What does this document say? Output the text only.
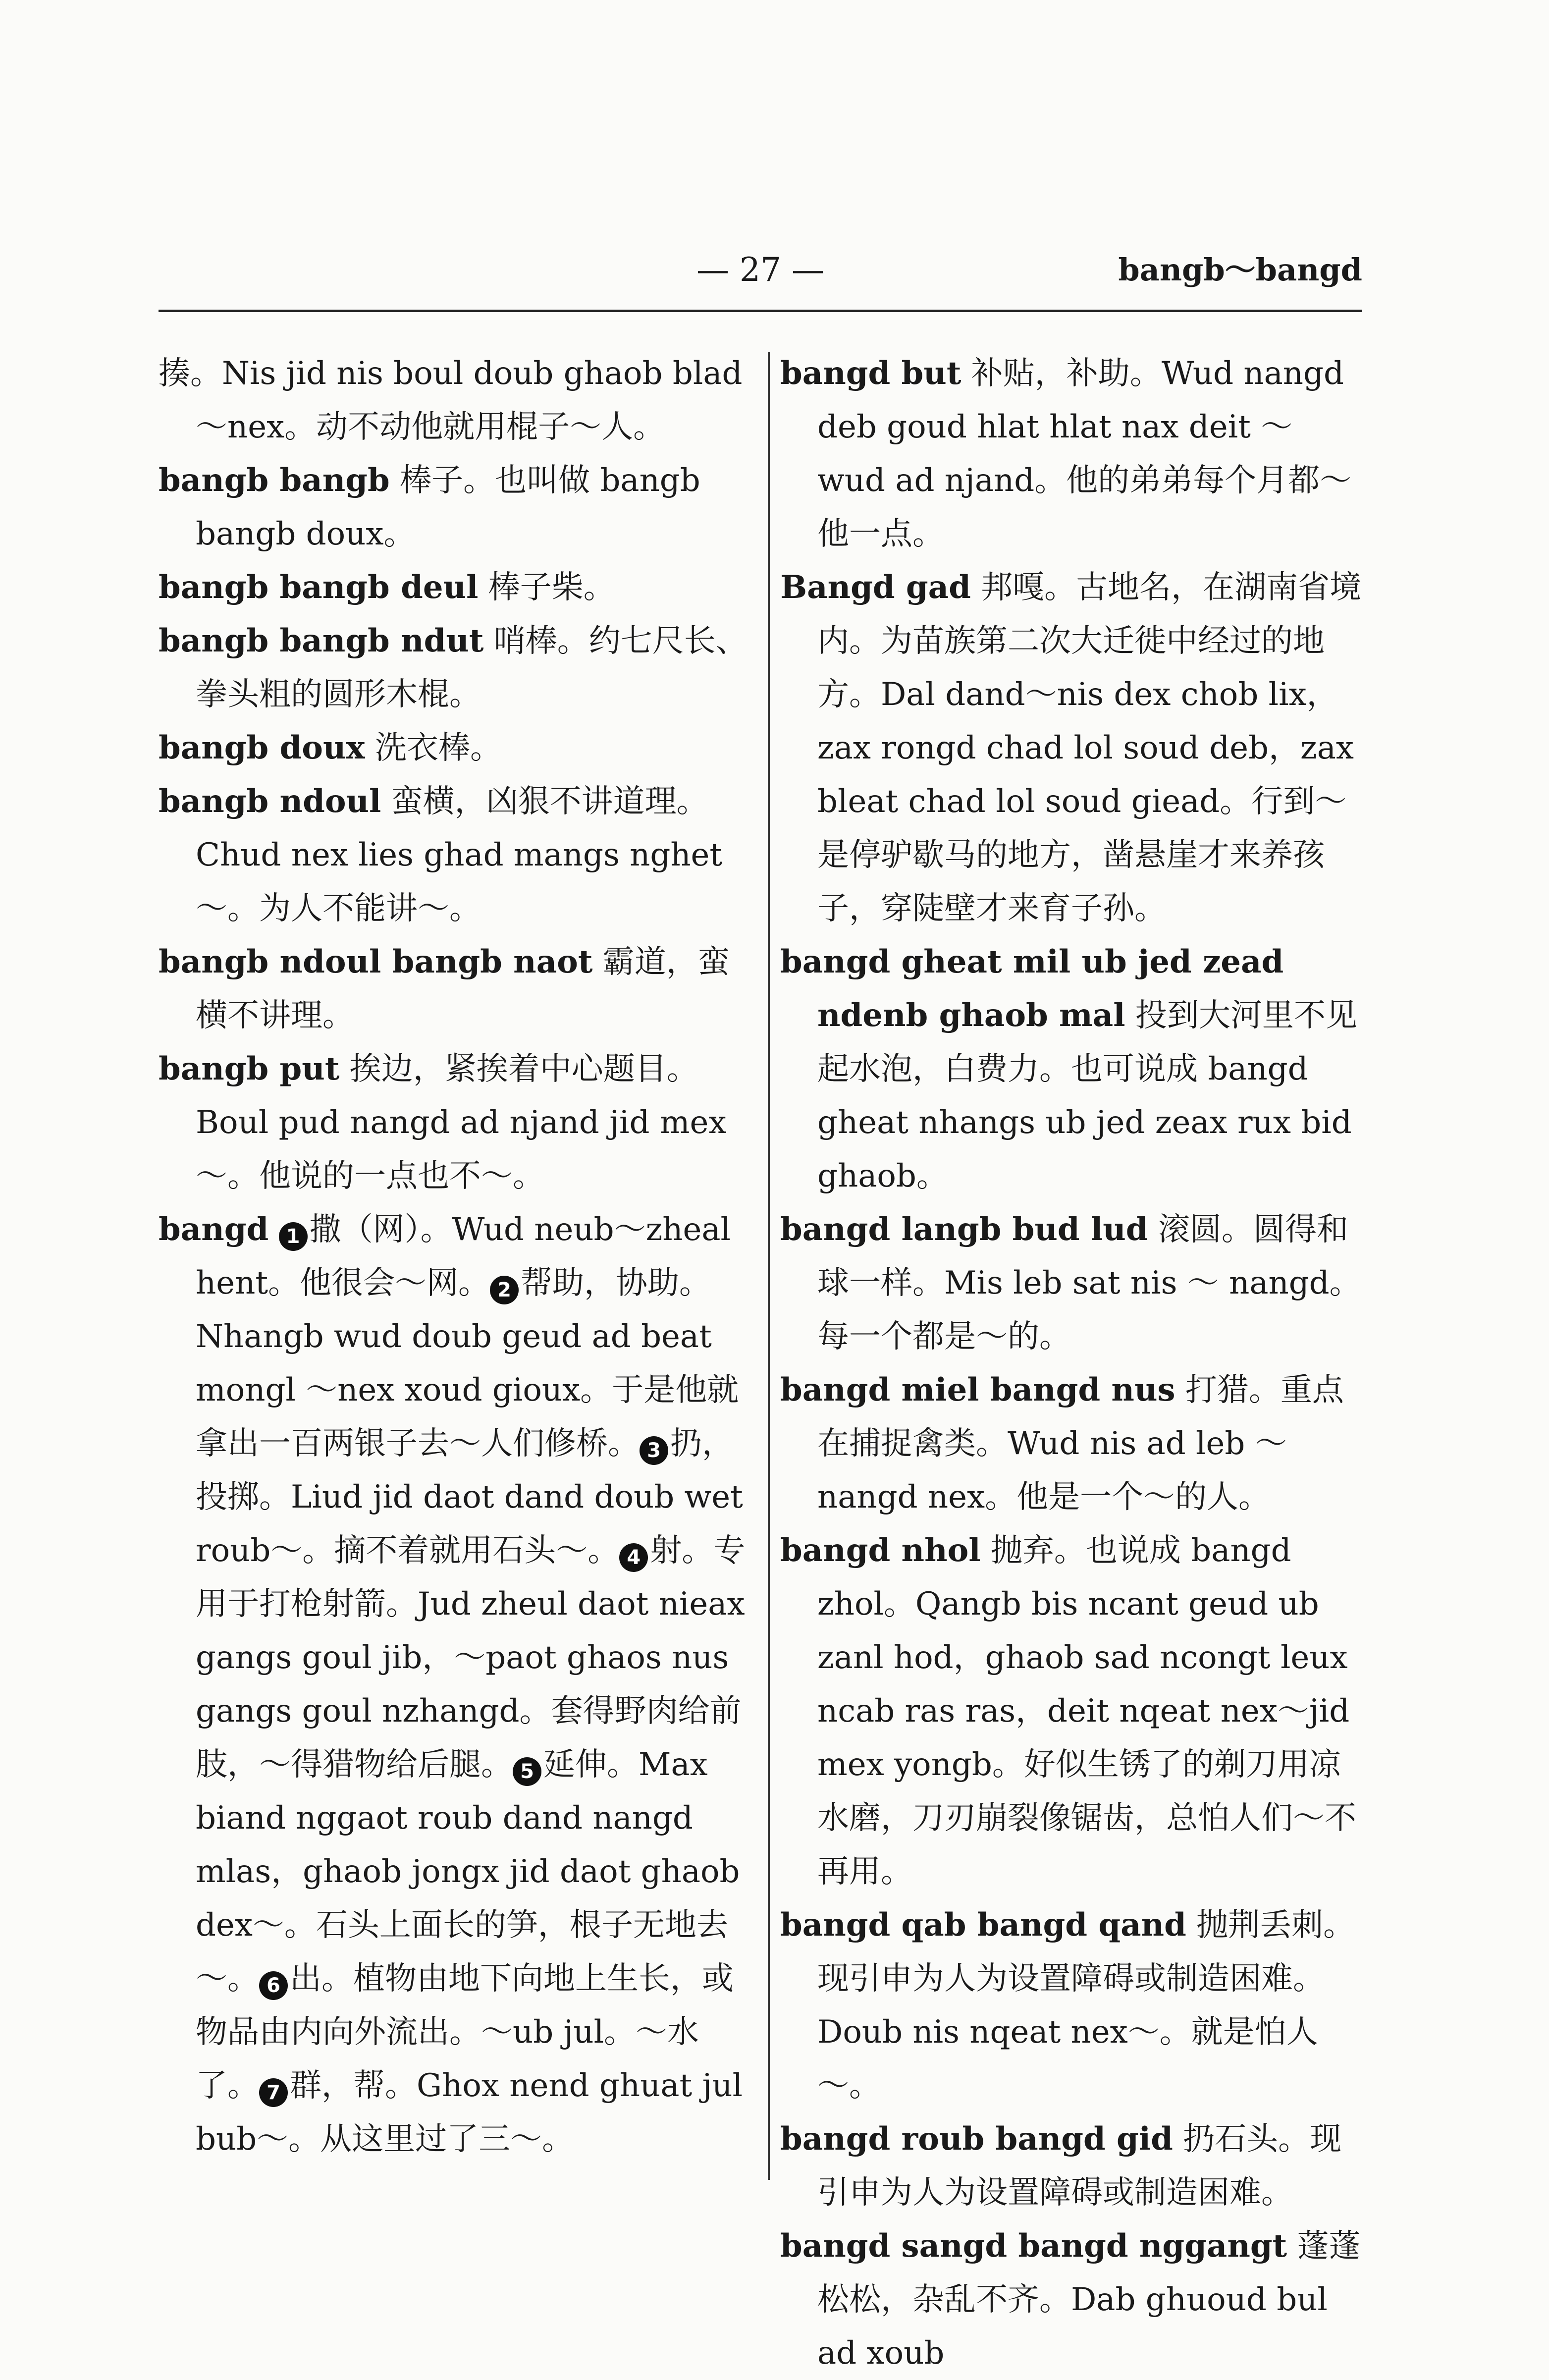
— 27 —	bangb～bangd

揍。Nis jid nis boul doub ghaob blad ～nex。动不动他就用棍子～人。

bangb bangb 棒子。也叫做 bangb bangb doux。

bangb bangb deul 棒子柴。

bangb bangb ndut 哨棒。约七尺长、拳头粗的圆形木棍。

bangb doux 洗衣棒。

bangb ndoul 蛮横，凶狠不讲道理。Chud nex lies ghad mangs nghet～。为人不能讲～。

bangb ndoul bangb naot 霸道，蛮横不讲理。

bangb put 挨边，紧挨着中心题目。Boul pud nangd ad njand jid mex～。他说的一点也不～。

bangd 1 撒（网）。Wud neub～zheal hent。他很会～网。 2 帮助，协助。Nhangb wud doub geud ad beat mongl ～nex xoud gioux。于是他就拿出一百两银子去～人们修桥。 3 扔，投掷。Liud jid daot dand doub wet roub～。摘不着就用石头～。 4 射。专用于打枪射箭。Jud zheul daot nieax gangs goul jib，～paot ghaos nus gangs goul nzhangd。套得野肉给前肢，～得猎物给后腿。 5 延伸。Max biand nggaot roub dand nangd mlas，ghaob jongx jid daot ghaob dex～。石头上面长的笋，根子无地去～。 6 出。植物由地下向地上生长，或物品由内向外流出。～ub jul。～水了。 7 群，帮。Ghox nend ghuat jul bub～。从这里过了三～。

bangd but 补贴，补助。Wud nangd deb goud hlat hlat nax deit ～ wud ad njand。他的弟弟每个月都～他一点。

Bangd gad 邦嘎。古地名，在湖南省境内。为苗族第二次大迁徙中经过的地方。Dal dand～nis dex chob lix，zax rongd chad lol soud deb，zax bleat chad lol soud giead。行到～是停驴歇马的地方，凿悬崖才来养孩子，穿陡壁才来育子孙。

bangd gheat mil ub jed zead ndenb ghaob mal 投到大河里不见起水泡，白费力。也可说成 bangd gheat nhangs ub jed zeax rux bid ghaob。

bangd langb bud lud 滚圆。圆得和球一样。Mis leb sat nis ～ nangd。每一个都是～的。

bangd miel bangd nus 打猎。重点在捕捉禽类。Wud nis ad leb ～ nangd nex。他是一个～的人。

bangd nhol 抛弃。也说成 bangd zhol。Qangb bis ncant geud ub zanl hod，ghaob sad ncongt leux ncab ras ras，deit nqeat nex～jid mex yongb。好似生锈了的剃刀用凉水磨，刀刃崩裂像锯齿，总怕人们～不再用。

bangd qab bangd qand 抛荆丢刺。现引申为人为设置障碍或制造困难。Doub nis nqeat nex～。就是怕人～。

bangd roub bangd gid 扔石头。现引申为人为设置障碍或制造困难。

bangd sangd bangd nggangt 蓬蓬松松，杂乱不齐。Dab ghuoud bul ad xoub
